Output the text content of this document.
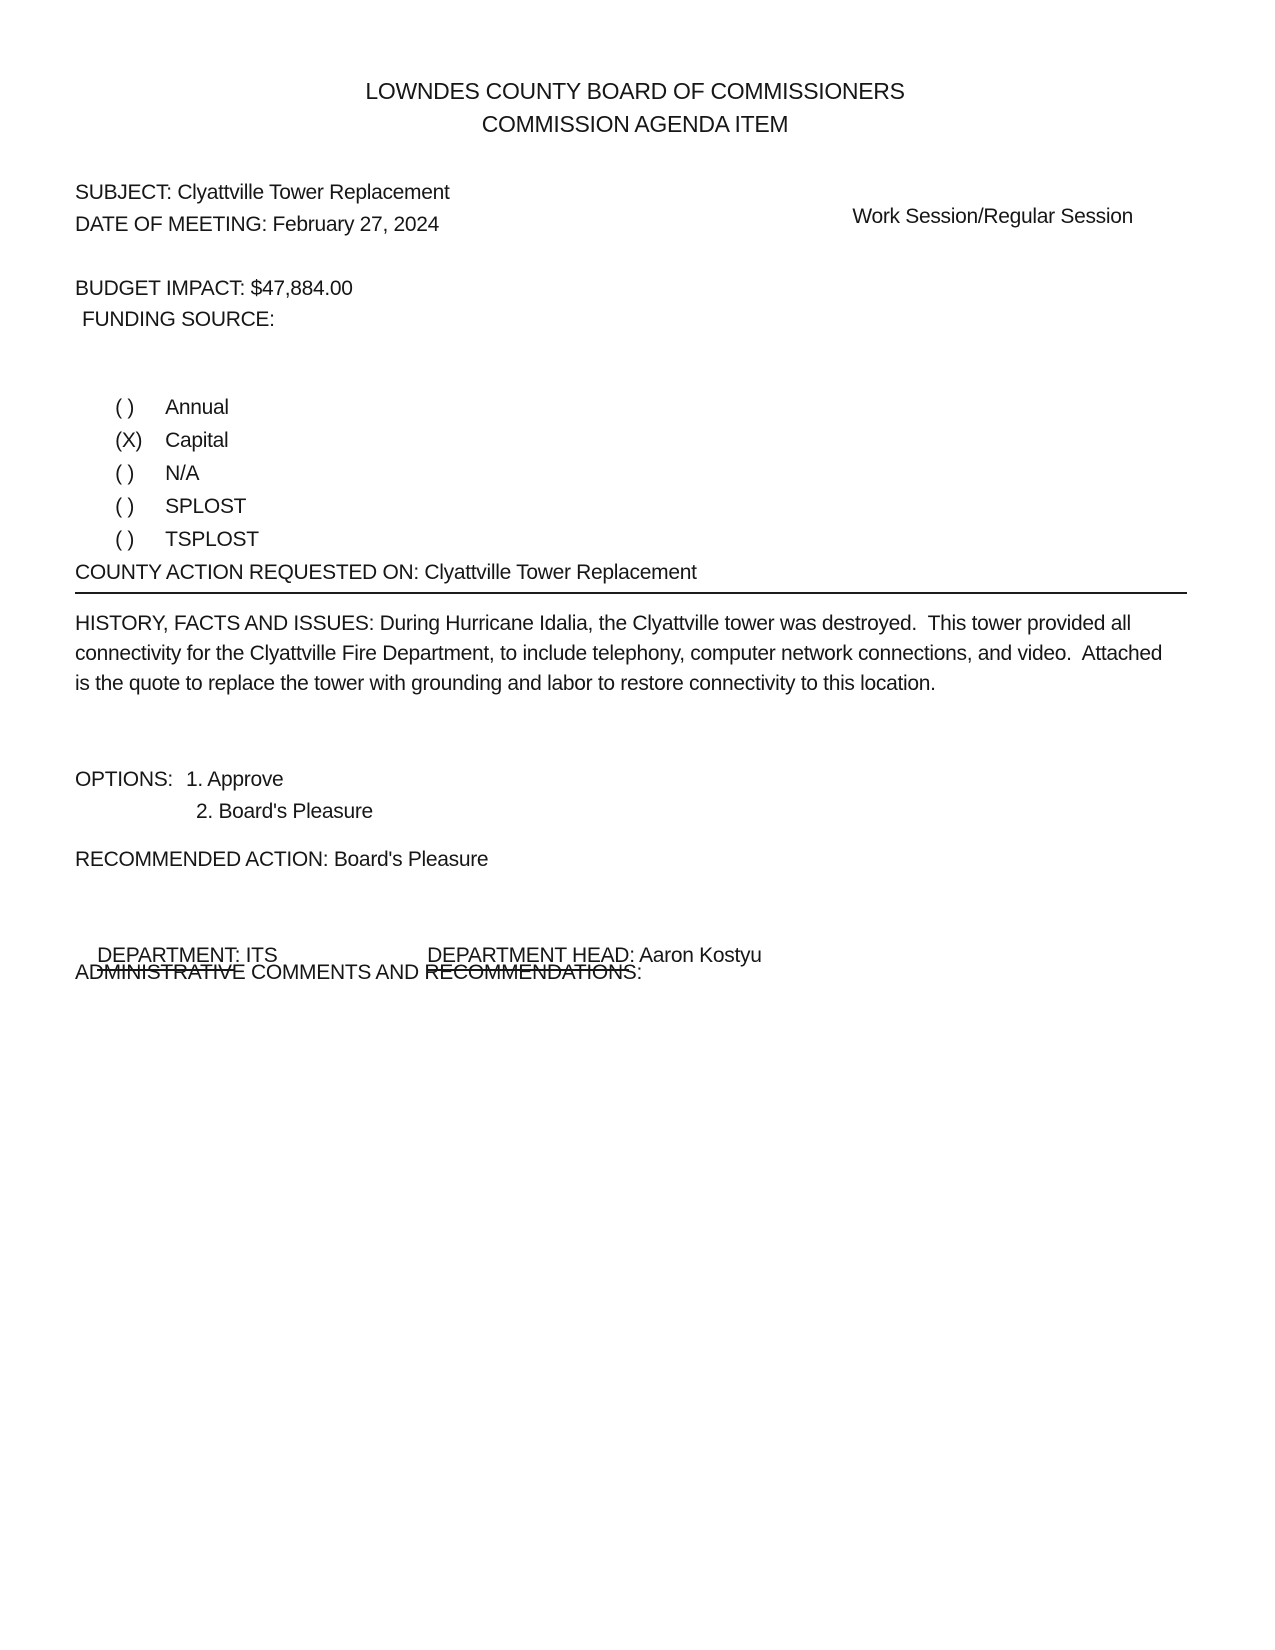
LOWNDES COUNTY BOARD OF COMMISSIONERS
COMMISSION AGENDA ITEM
SUBJECT: Clyattville Tower Replacement
Work Session/Regular Session
DATE OF MEETING: February 27, 2024
BUDGET IMPACT: $47,884.00
FUNDING SOURCE:

( ) Annual

(X) Capital

( ) N/A

( ) SPLOST

( ) TSPLOST

COUNTY ACTION REQUESTED ON: Clyattville Tower Replacement
HISTORY, FACTS AND ISSUES: During Hurricane Idalia, the Clyattville tower was destroyed.  This tower provided all connectivity for the Clyattville Fire Department, to include telephony, computer network connections, and video.  Attached is the quote to replace the tower with grounding and labor to restore connectivity to this location.
OPTIONS: 1. Approve
2. Board's Pleasure
RECOMMENDED ACTION: Board's Pleasure

DEPARTMENT: ITS
	DEPARTMENT HEAD: Aaron Kostyu

ADMINISTRATIVE COMMENTS AND RECOMMENDATIONS:
